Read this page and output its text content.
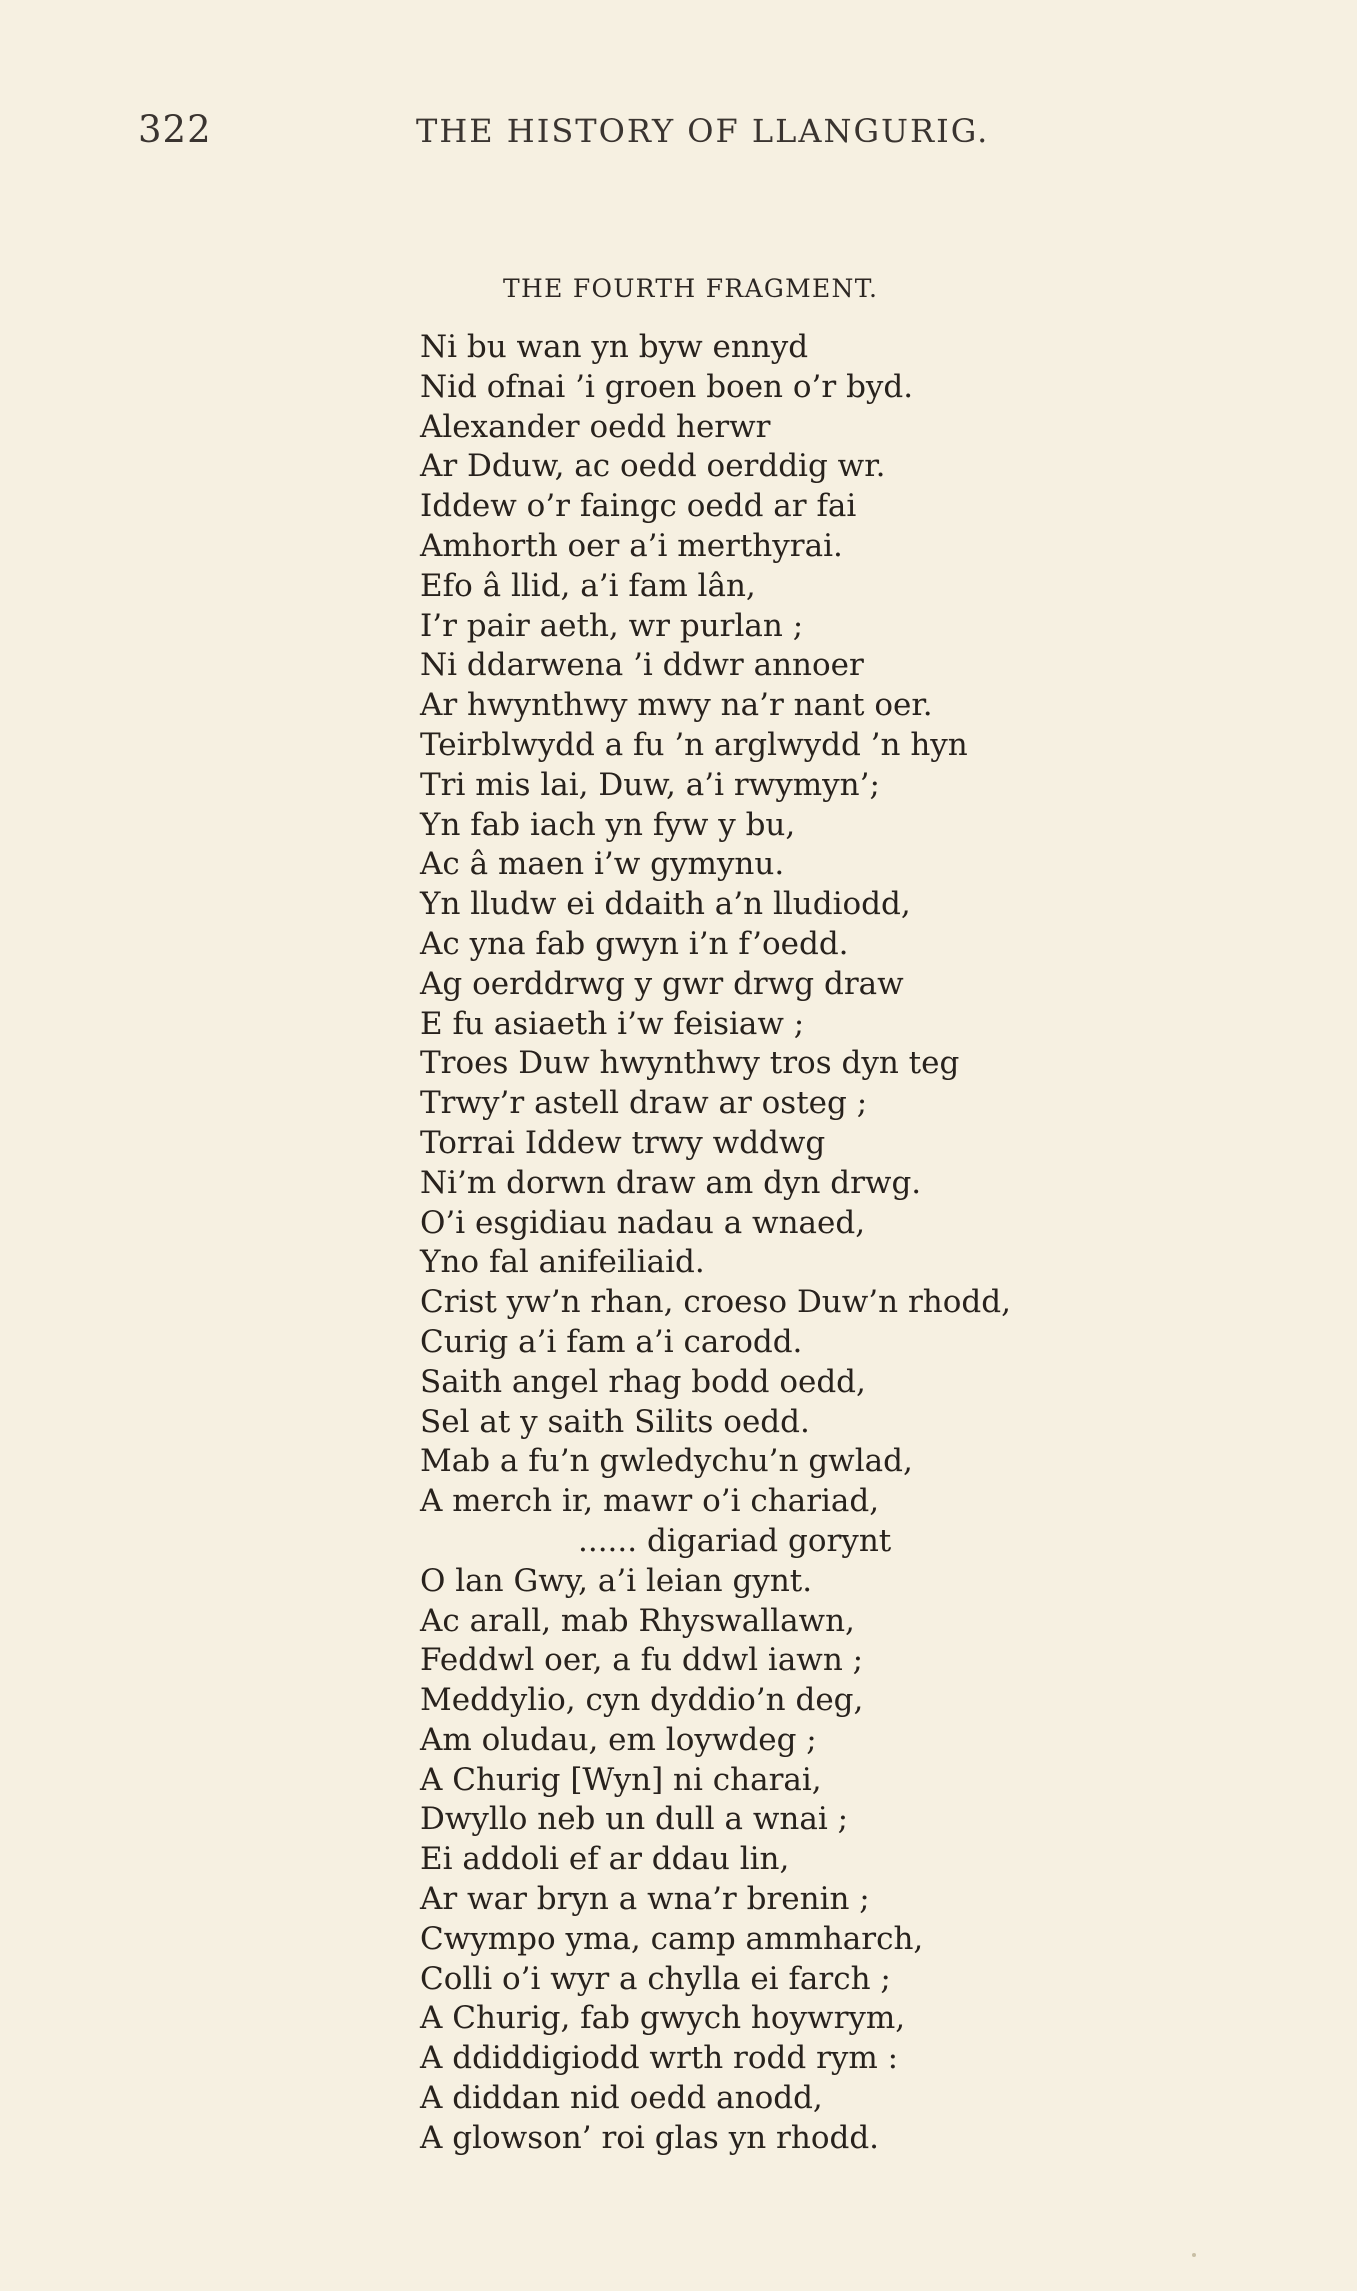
322	THE HISTORY OF LLANGURIG.
THE FOURTH FRAGMENT.
Ni bu wan yn byw ennyd
Nid ofnai ’i groen boen o’r byd.
Alexander oedd herwr
Ar Dduw, ac oedd oerddig wr.
Iddew o’r faingc oedd ar fai
Amhorth oer a’i merthyrai.
Efo â llid, a’i fam lân,
I’r pair aeth, wr purlan ;
Ni ddarwena ’i ddwr annoer
Ar hwynthwy mwy na’r nant oer.
Teirblwydd a fu ’n arglwydd ’n hyn
Tri mis lai, Duw, a’i rwymyn’;
Yn fab iach yn fyw y bu,
Ac â maen i’w gymynu.
Yn lludw ei ddaith a’n lludiodd,
Ac yna fab gwyn i’n f’oedd.
Ag oerddrwg y gwr drwg draw
E fu asiaeth i’w feisiaw ;
Troes Duw hwynthwy tros dyn teg
Trwy’r astell draw ar osteg ;
Torrai Iddew trwy wddwg
Ni’m dorwn draw am dyn drwg.
O’i esgidiau nadau a wnaed,
Yno fal anifeiliaid.
Crist yw’n rhan, croeso Duw’n rhodd,
Curig a’i fam a’i carodd.
Saith angel rhag bodd oedd,
Sel at y saith Silits oedd.
Mab a fu’n gwledychu’n gwlad,
A merch ir, mawr o’i chariad,
...... digariad gorynt
O lan Gwy, a’i leian gynt.
Ac arall, mab Rhyswallawn,
Feddwl oer, a fu ddwl iawn ;
Meddylio, cyn dyddio’n deg,
Am oludau, em loywdeg ;
A Churig [Wyn] ni charai,
Dwyllo neb un dull a wnai ;
Ei addoli ef ar ddau lin,
Ar war bryn a wna’r brenin ;
Cwympo yma, camp ammharch,
Colli o’i wyr a chylla ei farch ;
A Churig, fab gwych hoywrym,
A ddiddigiodd wrth rodd rym :
A diddan nid oedd anodd,
A glowson’ roi glas yn rhodd.
